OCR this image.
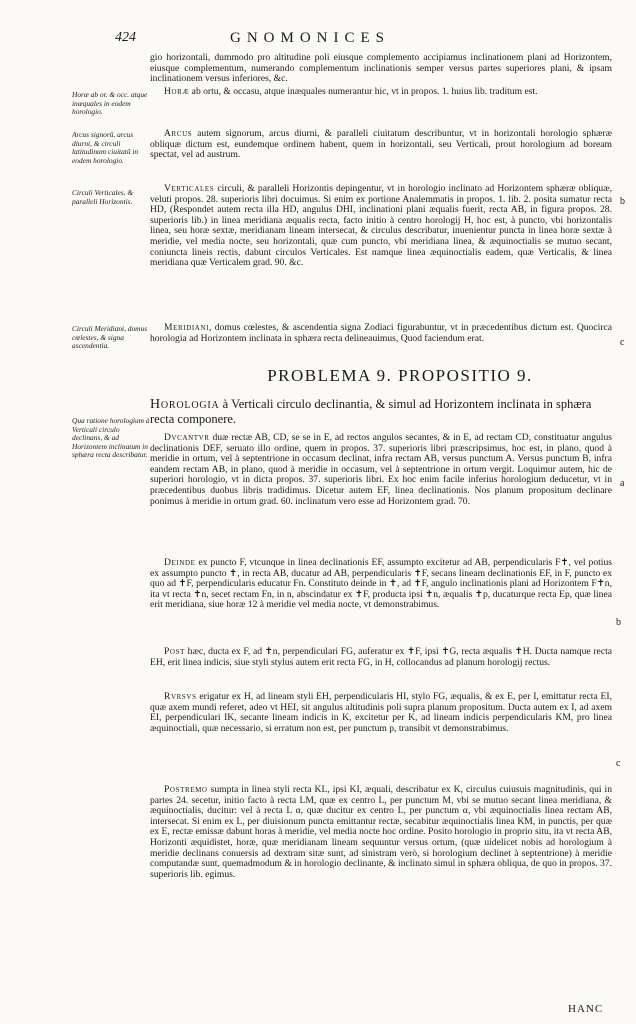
424	GNOMONICES
Horæ ab or. & occ. atque inæquales in eodem horologio.
Arcus signorũ, arcus diurni, & circuli latitudinum ciuitatũ in eodem horologio.
Circuli Verticales, & paralleli Horizontis.
Circuli Meridiani, domus cœlestes, & signa ascendentia.
Qua ratione horologium à Verticali circulo declinans, & ad Horizontem inclinatum in sphæra recta describatur.
b
c
a
b
c

gio horizontali, dummodo pro altitudine poli eiusque complemento accipiamus inclinationem plani ad Horizontem, eiusque complementum, numerando complementum inclinationis semper versus partes superiores plani, & ipsam inclinationem versus inferiores, &c.

Horæ ab ortu, & occasu, atque inæquales numerantur hic, vt in propos. 1. huius lib. traditum est.

Arcus autem signorum, arcus diurni, & paralleli ciuitatum describuntur, vt in horizontali horologio sphæræ obliquæ dictum est, eundemque ordinem habent, quem in horizontali, seu Verticali, prout horologium ad boream spectat, vel ad austrum.

Verticales circuli, & paralleli Horizontis depingentur, vt in horologio inclinato ad Horizontem sphæræ obliquæ, veluti propos. 28. superioris libri docuimus. Si enim ex portione Analemmatis in propos. 1. lib. 2. posita sumatur recta HD, (Respondet autem recta illa HD, angulus DHI, inclinationi plani æqualis fuerit, recta AB, in figura propos. 28. superioris lib.) in linea meridiana æqualis recta, facto initio à centro horologij H, hoc est, à puncto, vbi horizontalis linea, seu horæ sextæ, meridianam lineam intersecat, & circulus describatur, inuenientur puncta in linea horæ sextæ à meridie, vel media nocte, seu horizontali, quæ cum puncto, vbi meridiana linea, & æquinoctialis se mutuo secant, coniuncta lineis rectis, dabunt circulos Verticales. Est namque linea æquinoctialis eadem, quæ Verticalis, & linea meridiana quæ Verticalem grad. 90. &c.

Meridiani, domus cœlestes, & ascendentia signa Zodiaci figurabuntur, vt in præcedentibus dictum est. Quocirca horologia ad Horizontem inclinata in sphæra recta delineauimus, Quod faciendum erat.

PROBLEMA 9. PROPOSITIO 9.

Horologia à Verticali circulo declinantia, & simul ad Horizontem inclinata in sphæra recta componere.

Dvcantvr duæ rectæ AB, CD, se se in E, ad rectos angulos secantes, & in E, ad rectam CD, constituatur angulus declinationis DEF, seruato illo ordine, quem in propos. 37. superioris libri præscripsimus, hoc est, in plano, quod à meridie in ortum, vel à septentrione in occasum declinat, infra rectam AB, versus punctum A. Versus punctum B, infra eandem rectam AB, in plano, quod à meridie in occasum, vel à septentrione in ortum vergit. Loquimur autem, hic de superiori horologio, vt in dicta propos. 37. superioris libri. Ex hoc enim facile inferius horologium deducetur, vt in præcedentibus duobus libris tradidimus. Dicetur autem EF, linea declinationis. Nos planum propositum declinare ponimus à meridie in ortum grad. 60. inclinatum vero esse ad Horizontem grad. 70.

Deinde ex puncto F, vtcunque in linea declinationis EF, assumpto excitetur ad AB, perpendicularis F✝, vel potius ex assumpto puncto ✝, in recta AB, ducatur ad AB, perpendicularis ✝F, secans lineam declinationis EF, in F, puncto ex quo ad ✝F, perpendicularis educatur Fn. Constituto deinde in ✝, ad ✝F, angulo inclinationis plani ad Horizontem F✝n, ita vt recta ✝n, secet rectam Fn, in n, abscindatur ex ✝F, producta ipsi ✝n, æqualis ✝p, ducaturque recta Ep, quæ linea erit meridiana, siue horæ 12 à meridie vel media nocte, vt demonstrabimus.

Post hæc, ducta ex F, ad ✝n, perpendiculari FG, auferatur ex ✝F, ipsi ✝G, recta æqualis ✝H. Ducta namque recta EH, erit linea indicis, siue styli stylus autem erit recta FG, in H, collocandus ad planum horologij rectus.

Rvrsvs erigatur ex H, ad lineam styli EH, perpendicularis HI, stylo FG, æqualis, & ex E, per I, emittatur recta EI, quæ axem mundi referet, adeo vt HEI, sit angulus altitudinis poli supra planum propositum. Ducta autem ex I, ad axem EI, perpendiculari IK, secante lineam indicis in K, excitetur per K, ad lineam indicis perpendicularis KM, pro linea æquinoctiali, quæ necessario, si erratum non est, per punctum p, transibit vt demonstrabimus.

Postremo sumpta in linea styli recta KL, ipsi KI, æquali, describatur ex K, circulus cuiusuis magnitudinis, qui in partes 24. secetur, initio facto à recta LM, quæ ex centro L, per punctum M, vbi se mutuo secant linea meridiana, & æquinoctialis, ducitur: vel à recta L α, quæ ducitur ex centro L, per punctum α, vbi æquinoctialis linea rectam AB, intersecat. Si enim ex L, per diuisionum puncta emittantur rectæ, secabitur æquinoctialis linea KM, in punctis, per quæ ex E, rectæ emissæ dabunt horas à meridie, vel media nocte hoc ordine. Posito horologio in proprio situ, ita vt recta AB, Horizonti æquidistet, horæ, quæ meridianam lineam sequuntur versus ortum, (quæ uidelicet nobis ad horologium à meridie declinans conuersis ad dextram sitæ sunt, ad sinistram verò, si horologium declinet à septentrione) à meridie computandæ sunt, quemadmodum & in horologio declinante, & inclinato simul in sphæra obliqua, de quo in propos. 37. superioris lib. egimus.

HANC
